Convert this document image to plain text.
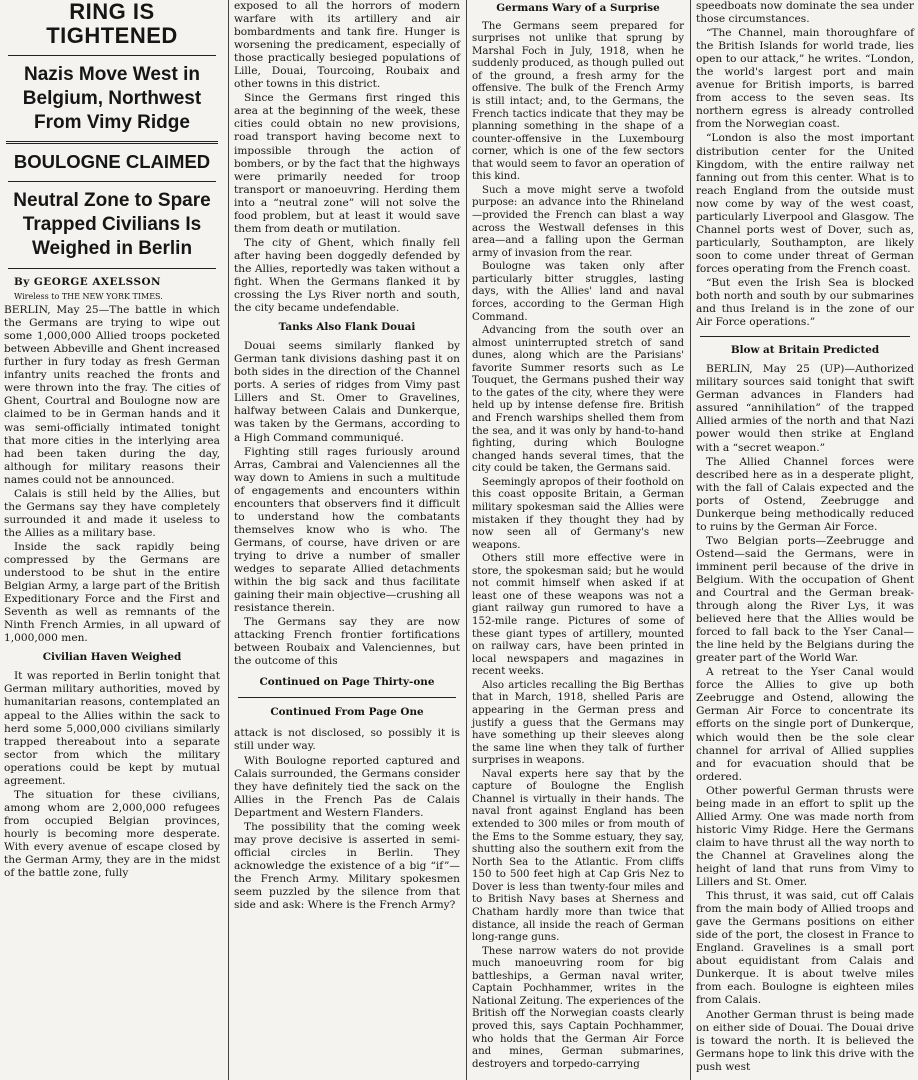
RING IS TIGHTENED
Nazis Move West in Belgium, Northwest From Vimy Ridge
BOULOGNE CLAIMED
Neutral Zone to Spare Trapped Civilians Is Weighed in Berlin

By GEORGE AXELSSON

Wireless to THE NEW YORK TIMES.

BERLIN, May 25—The battle in which the Germans are trying to wipe out some 1,000,000 Allied troops pocketed between Abbeville and Ghent increased further in fury today as fresh German infantry units reached the fronts and were thrown into the fray. The cities of Ghent, Courtral and Boulogne now are claimed to be in German hands and it was semi-officially intimated tonight that more cities in the interlying area had been taken during the day, although for military reasons their names could not be announced.

Calais is still held by the Allies, but the Germans say they have completely surrounded it and made it useless to the Allies as a military base.

Inside the sack rapidly being compressed by the Germans are understood to be shut in the entire Belgian Army, a large part of the British Expeditionary Force and the First and Seventh as well as remnants of the Ninth French Armies, in all upward of 1,000,000 men.

Civilian Haven Weighed

It was reported in Berlin tonight that German military authorities, moved by humanitarian reasons, contemplated an appeal to the Allies within the sack to herd some 5,000,000 civilians similarly trapped thereabout into a separate sector from which the military operations could be kept by mutual agreement.

The situation for these civilians, among whom are 2,000,000 refugees from occupied Belgian provinces, hourly is becoming more desperate. With every avenue of escape closed by the German Army, they are in the midst of the battle zone, fully

exposed to all the horrors of modern warfare with its artillery and air bombardments and tank fire. Hunger is worsening the predicament, especially of those practically besieged populations of Lille, Douai, Tourcoing, Roubaix and other towns in this district.

Since the Germans first ringed this area at the beginning of the week, these cities could obtain no new provisions, road transport having become next to impossible through the action of bombers, or by the fact that the highways were primarily needed for troop transport or manoeuvring. Herding them into a “neutral zone” will not solve the food problem, but at least it would save them from death or mutilation.

The city of Ghent, which finally fell after having been doggedly defended by the Allies, reportedly was taken without a fight. When the Germans flanked it by crossing the Lys River north and south, the city became undefendable.

Tanks Also Flank Douai

Douai seems similarly flanked by German tank divisions dashing past it on both sides in the direction of the Channel ports. A series of ridges from Vimy past Lillers and St. Omer to Gravelines, halfway between Calais and Dunkerque, was taken by the Germans, according to a High Command communiqué.

Fighting still rages furiously around Arras, Cambrai and Valenciennes all the way down to Amiens in such a multitude of engagements and encounters within encounters that observers find it difficult to understand how the combatants themselves know who is who. The Germans, of course, have driven or are trying to drive a number of smaller wedges to separate Allied detachments within the big sack and thus facilitate gaining their main objective—crushing all resistance therein.

The Germans say they are now attacking French frontier fortifications between Roubaix and Valenciennes, but the outcome of this

Continued on Page Thirty-one

Continued From Page One

attack is not disclosed, so possibly it is still under way.

With Boulogne reported captured and Calais surrounded, the Germans consider they have definitely tied the sack on the Allies in the French Pas de Calais Department and Western Flanders.

The possibility that the coming week may prove decisive is asserted in semi-official circles in Berlin. They acknowledge the existence of a big “if”—the French Army. Military spokesmen seem puzzled by the silence from that side and ask: Where is the French Army?

Germans Wary of a Surprise

The Germans seem prepared for surprises not unlike that sprung by Marshal Foch in July, 1918, when he suddenly produced, as though pulled out of the ground, a fresh army for the offensive. The bulk of the French Army is still intact; and, to the Germans, the French tactics indicate that they may be planning something in the shape of a counter-offensive in the Luxembourg corner, which is one of the few sectors that would seem to favor an operation of this kind.

Such a move might serve a twofold purpose: an advance into the Rhineland—provided the French can blast a way across the Westwall defenses in this area—and a falling upon the German army of invasion from the rear.

Boulogne was taken only after particularly bitter struggles, lasting days, with the Allies' land and naval forces, according to the German High Command.

Advancing from the south over an almost uninterrupted stretch of sand dunes, along which are the Parisians' favorite Summer resorts such as Le Touquet, the Germans pushed their way to the gates of the city, where they were held up by intense defense fire. British and French warships shelled them from the sea, and it was only by hand-to-hand fighting, during which Boulogne changed hands several times, that the city could be taken, the Germans said.

Seemingly apropos of their foothold on this coast opposite Britain, a German military spokesman said the Allies were mistaken if they thought they had by now seen all of Germany's new weapons.

Others still more effective were in store, the spokesman said; but he would not commit himself when asked if at least one of these weapons was not a giant railway gun rumored to have a 152-mile range. Pictures of some of these giant types of artillery, mounted on railway cars, have been printed in local newspapers and magazines in recent weeks.

Also articles recalling the Big Berthas that in March, 1918, shelled Paris are appearing in the German press and justify a guess that the Germans may have something up their sleeves along the same line when they talk of further surprises in weapons.

Naval experts here say that by the capture of Boulogne the English Channel is virtually in their hands. The naval front against England has been extended to 300 miles or from mouth of the Ems to the Somme estuary, they say, shutting also the southern exit from the North Sea to the Atlantic. From cliffs 150 to 500 feet high at Cap Gris Nez to Dover is less than twenty-four miles and to British Navy bases at Sherness and Chatham hardly more than twice that distance, all inside the reach of German long-range guns.

These narrow waters do not provide much manoeuvring room for big battleships, a German naval writer, Captain Pochhammer, writes in the National Zeitung. The experiences of the British off the Norwegian coasts clearly proved this, says Captain Pochhammer, who holds that the German Air Force and mines, German submarines, destroyers and torpedo-carrying

speedboats now dominate the sea under those circumstances.

“The Channel, main thoroughfare of the British Islands for world trade, lies open to our attack,” he writes. “London, the world's largest port and main avenue for British imports, is barred from access to the seven seas. Its northern egress is already controlled from the Norwegian coast.

“London is also the most important distribution center for the United Kingdom, with the entire railway net fanning out from this center. What is to reach England from the outside must now come by way of the west coast, particularly Liverpool and Glasgow. The Channel ports west of Dover, such as, particularly, Southampton, are likely soon to come under threat of German forces operating from the French coast.

“But even the Irish Sea is blocked both north and south by our submarines and thus Ireland is in the zone of our Air Force operations.”

Blow at Britain Predicted

BERLIN, May 25 (UP)—Authorized military sources said tonight that swift German advances in Flanders had assured “annihilation” of the trapped Allied armies of the north and that Nazi power would then strike at England with a “secret weapon.”

The Allied Channel forces were described here as in a desperate plight, with the fall of Calais expected and the ports of Ostend, Zeebrugge and Dunkerque being methodically reduced to ruins by the German Air Force.

Two Belgian ports—Zeebrugge and Ostend—said the Germans, were in imminent peril because of the drive in Belgium. With the occupation of Ghent and Courtral and the German break-through along the River Lys, it was believed here that the Allies would be forced to fall back to the Yser Canal—the line held by the Belgians during the greater part of the World War.

A retreat to the Yser Canal would force the Allies to give up both Zeebrugge and Ostend, allowing the German Air Force to concentrate its efforts on the single port of Dunkerque, which would then be the sole clear channel for arrival of Allied supplies and for evacuation should that be ordered.

Other powerful German thrusts were being made in an effort to split up the Allied Army. One was made north from historic Vimy Ridge. Here the Germans claim to have thrust all the way north to the Channel at Gravelines along the height of land that runs from Vimy to Lillers and St. Omer.

This thrust, it was said, cut off Calais from the main body of Allied troops and gave the Germans positions on either side of the port, the closest in France to England. Gravelines is a small port about equidistant from Calais and Dunkerque. It is about twelve miles from each. Boulogne is eighteen miles from Calais.

Another German thrust is being made on either side of Douai. The Douai drive is toward the north. It is believed the Germans hope to link this drive with the push west
